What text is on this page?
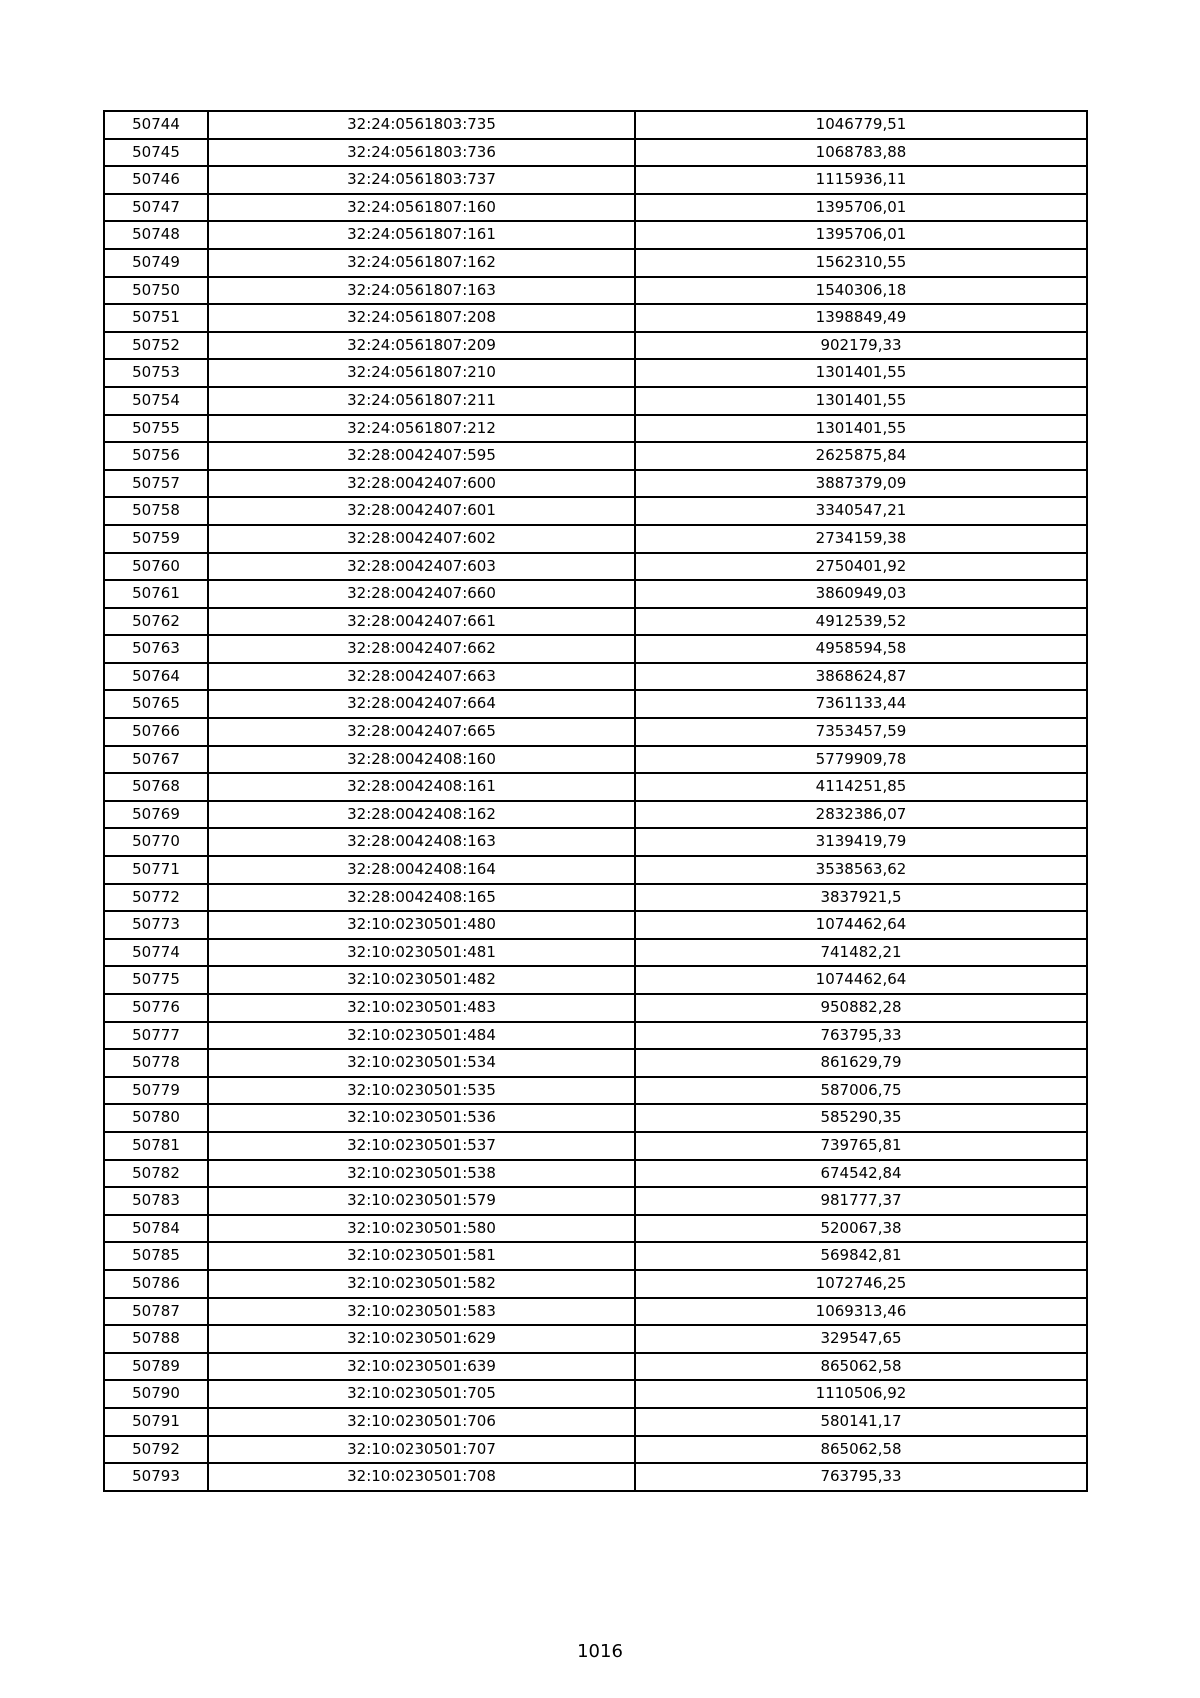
50744	32:24:0561803:735	1046779,51
50745	32:24:0561803:736	1068783,88
50746	32:24:0561803:737	1115936,11
50747	32:24:0561807:160	1395706,01
50748	32:24:0561807:161	1395706,01
50749	32:24:0561807:162	1562310,55
50750	32:24:0561807:163	1540306,18
50751	32:24:0561807:208	1398849,49
50752	32:24:0561807:209	902179,33
50753	32:24:0561807:210	1301401,55
50754	32:24:0561807:211	1301401,55
50755	32:24:0561807:212	1301401,55
50756	32:28:0042407:595	2625875,84
50757	32:28:0042407:600	3887379,09
50758	32:28:0042407:601	3340547,21
50759	32:28:0042407:602	2734159,38
50760	32:28:0042407:603	2750401,92
50761	32:28:0042407:660	3860949,03
50762	32:28:0042407:661	4912539,52
50763	32:28:0042407:662	4958594,58
50764	32:28:0042407:663	3868624,87
50765	32:28:0042407:664	7361133,44
50766	32:28:0042407:665	7353457,59
50767	32:28:0042408:160	5779909,78
50768	32:28:0042408:161	4114251,85
50769	32:28:0042408:162	2832386,07
50770	32:28:0042408:163	3139419,79
50771	32:28:0042408:164	3538563,62
50772	32:28:0042408:165	3837921,5
50773	32:10:0230501:480	1074462,64
50774	32:10:0230501:481	741482,21
50775	32:10:0230501:482	1074462,64
50776	32:10:0230501:483	950882,28
50777	32:10:0230501:484	763795,33
50778	32:10:0230501:534	861629,79
50779	32:10:0230501:535	587006,75
50780	32:10:0230501:536	585290,35
50781	32:10:0230501:537	739765,81
50782	32:10:0230501:538	674542,84
50783	32:10:0230501:579	981777,37
50784	32:10:0230501:580	520067,38
50785	32:10:0230501:581	569842,81
50786	32:10:0230501:582	1072746,25
50787	32:10:0230501:583	1069313,46
50788	32:10:0230501:629	329547,65
50789	32:10:0230501:639	865062,58
50790	32:10:0230501:705	1110506,92
50791	32:10:0230501:706	580141,17
50792	32:10:0230501:707	865062,58
50793	32:10:0230501:708	763795,33
1016
